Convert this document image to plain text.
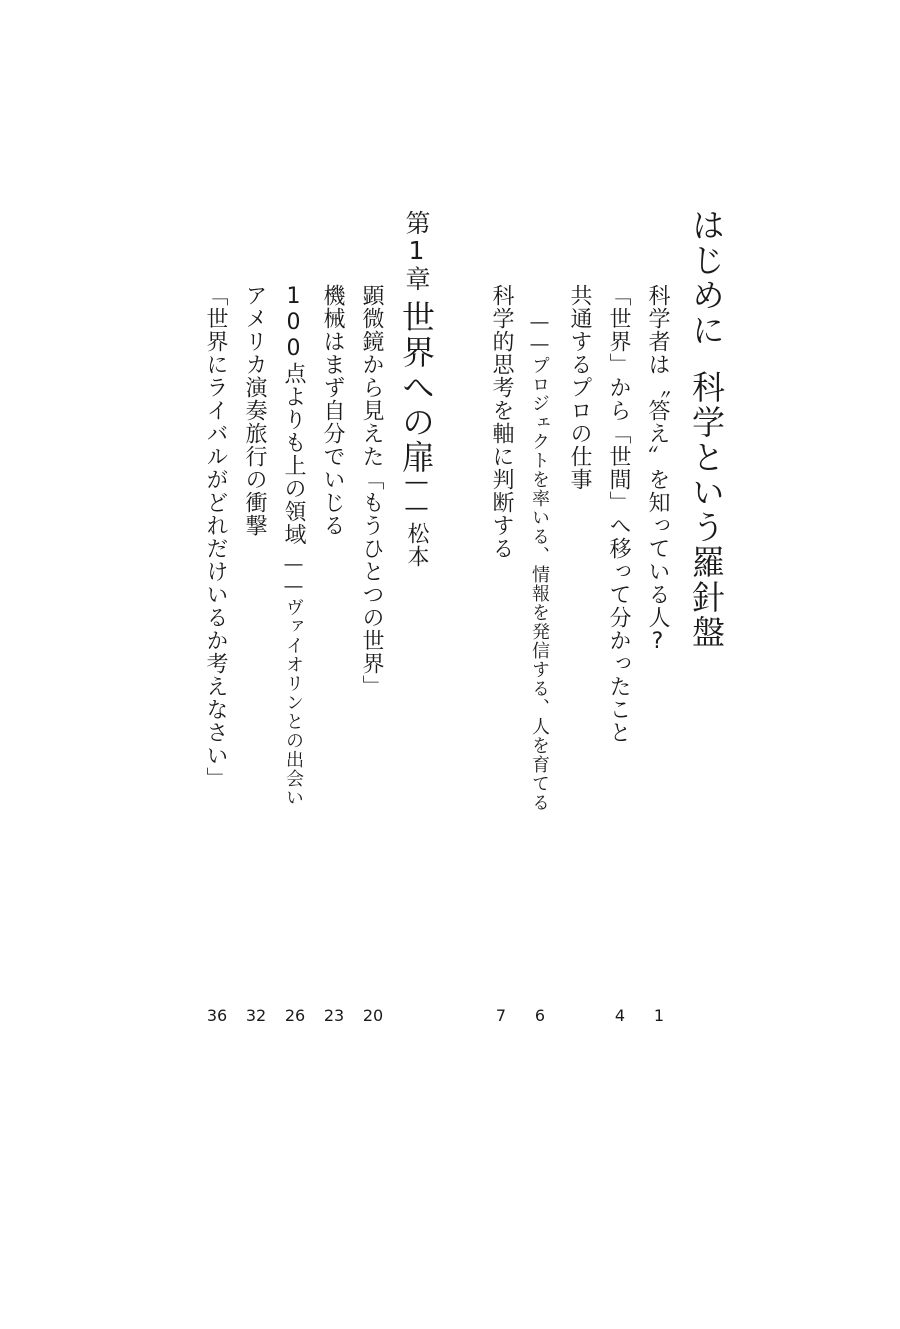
はじめに科学という羅針盤
科学者は〝答え〟を知っている人?
「世界」から「世間」へ移って分かったこと
共通するプロの仕事
――プロジェクトを率いる、情報を発信する、人を育てる
科学的思考を軸に判断する
第1章
世界への扉
――松本
顕微鏡から見えた「もうひとつの世界」
機械はまず自分でいじる
100点よりも上の領域――ヴァイオリンとの出会い
アメリカ演奏旅行の衝撃
「世界にライバルがどれだけいるか考えなさい」
1
4
6
7
20
23
26
32
36
